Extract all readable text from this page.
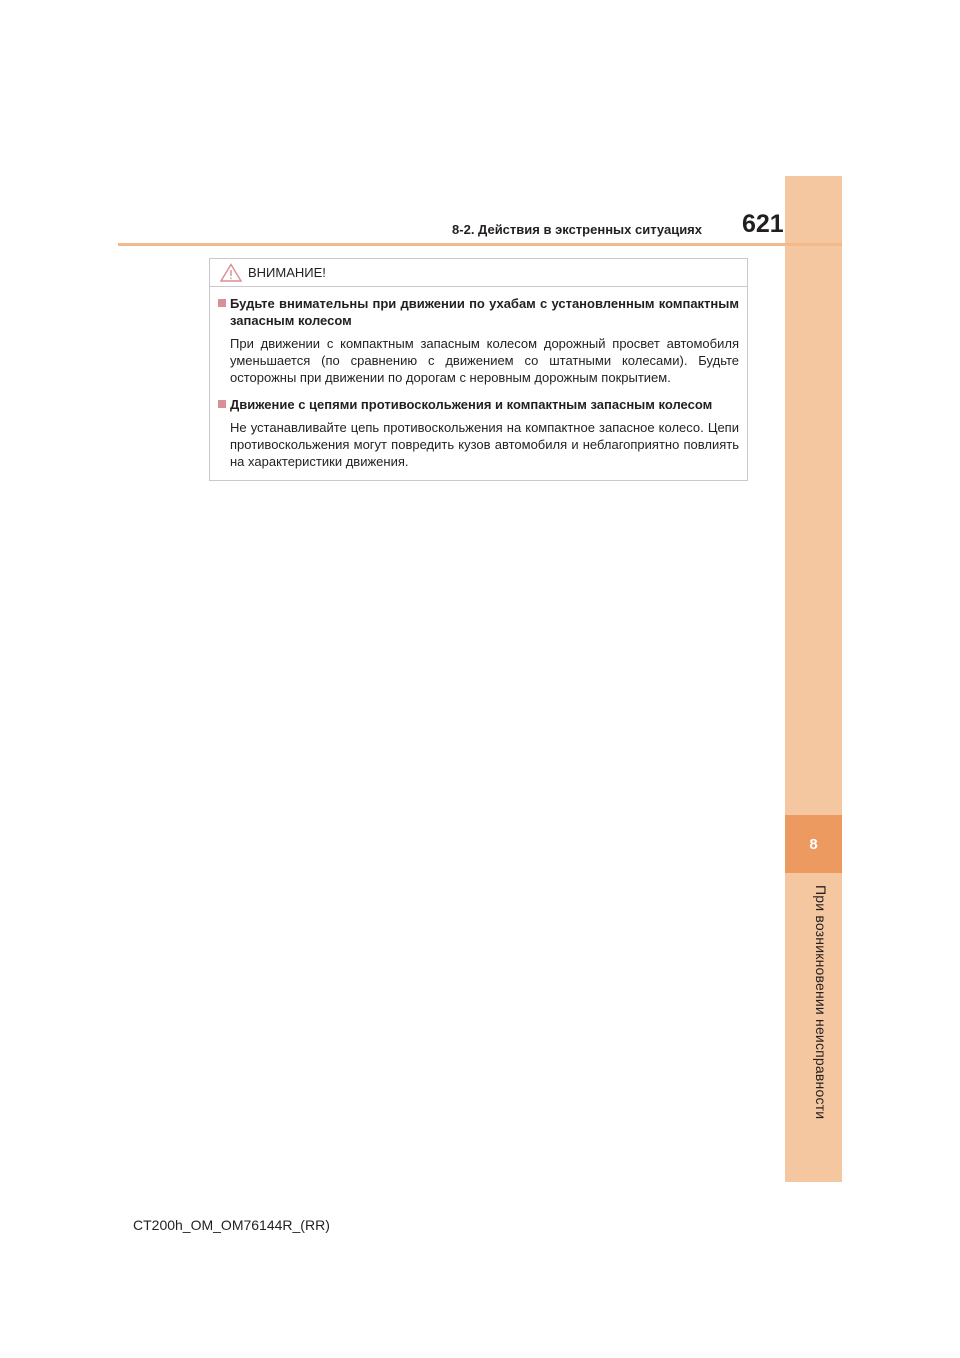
8
При возникновении неисправности
8-2. Действия в экстренных ситуациях 621
ВНИМАНИЕ!
Будьте внимательны при движении по ухабам с установленным компактным запасным колесом
При движении с компактным запасным колесом дорожный просвет автомобиля уменьшается (по сравнению с движением со штатными колесами). Будьте осторожны при движении по дорогам с неровным дорожным покрытием.
Движение с цепями противоскольжения и компактным запасным колесом
Не устанавливайте цепь противоскольжения на компактное запасное колесо. Цепи противоскольжения могут повредить кузов автомобиля и неблагоприятно повлиять на характеристики движения.
CT200h_OM_OM76144R_(RR)
